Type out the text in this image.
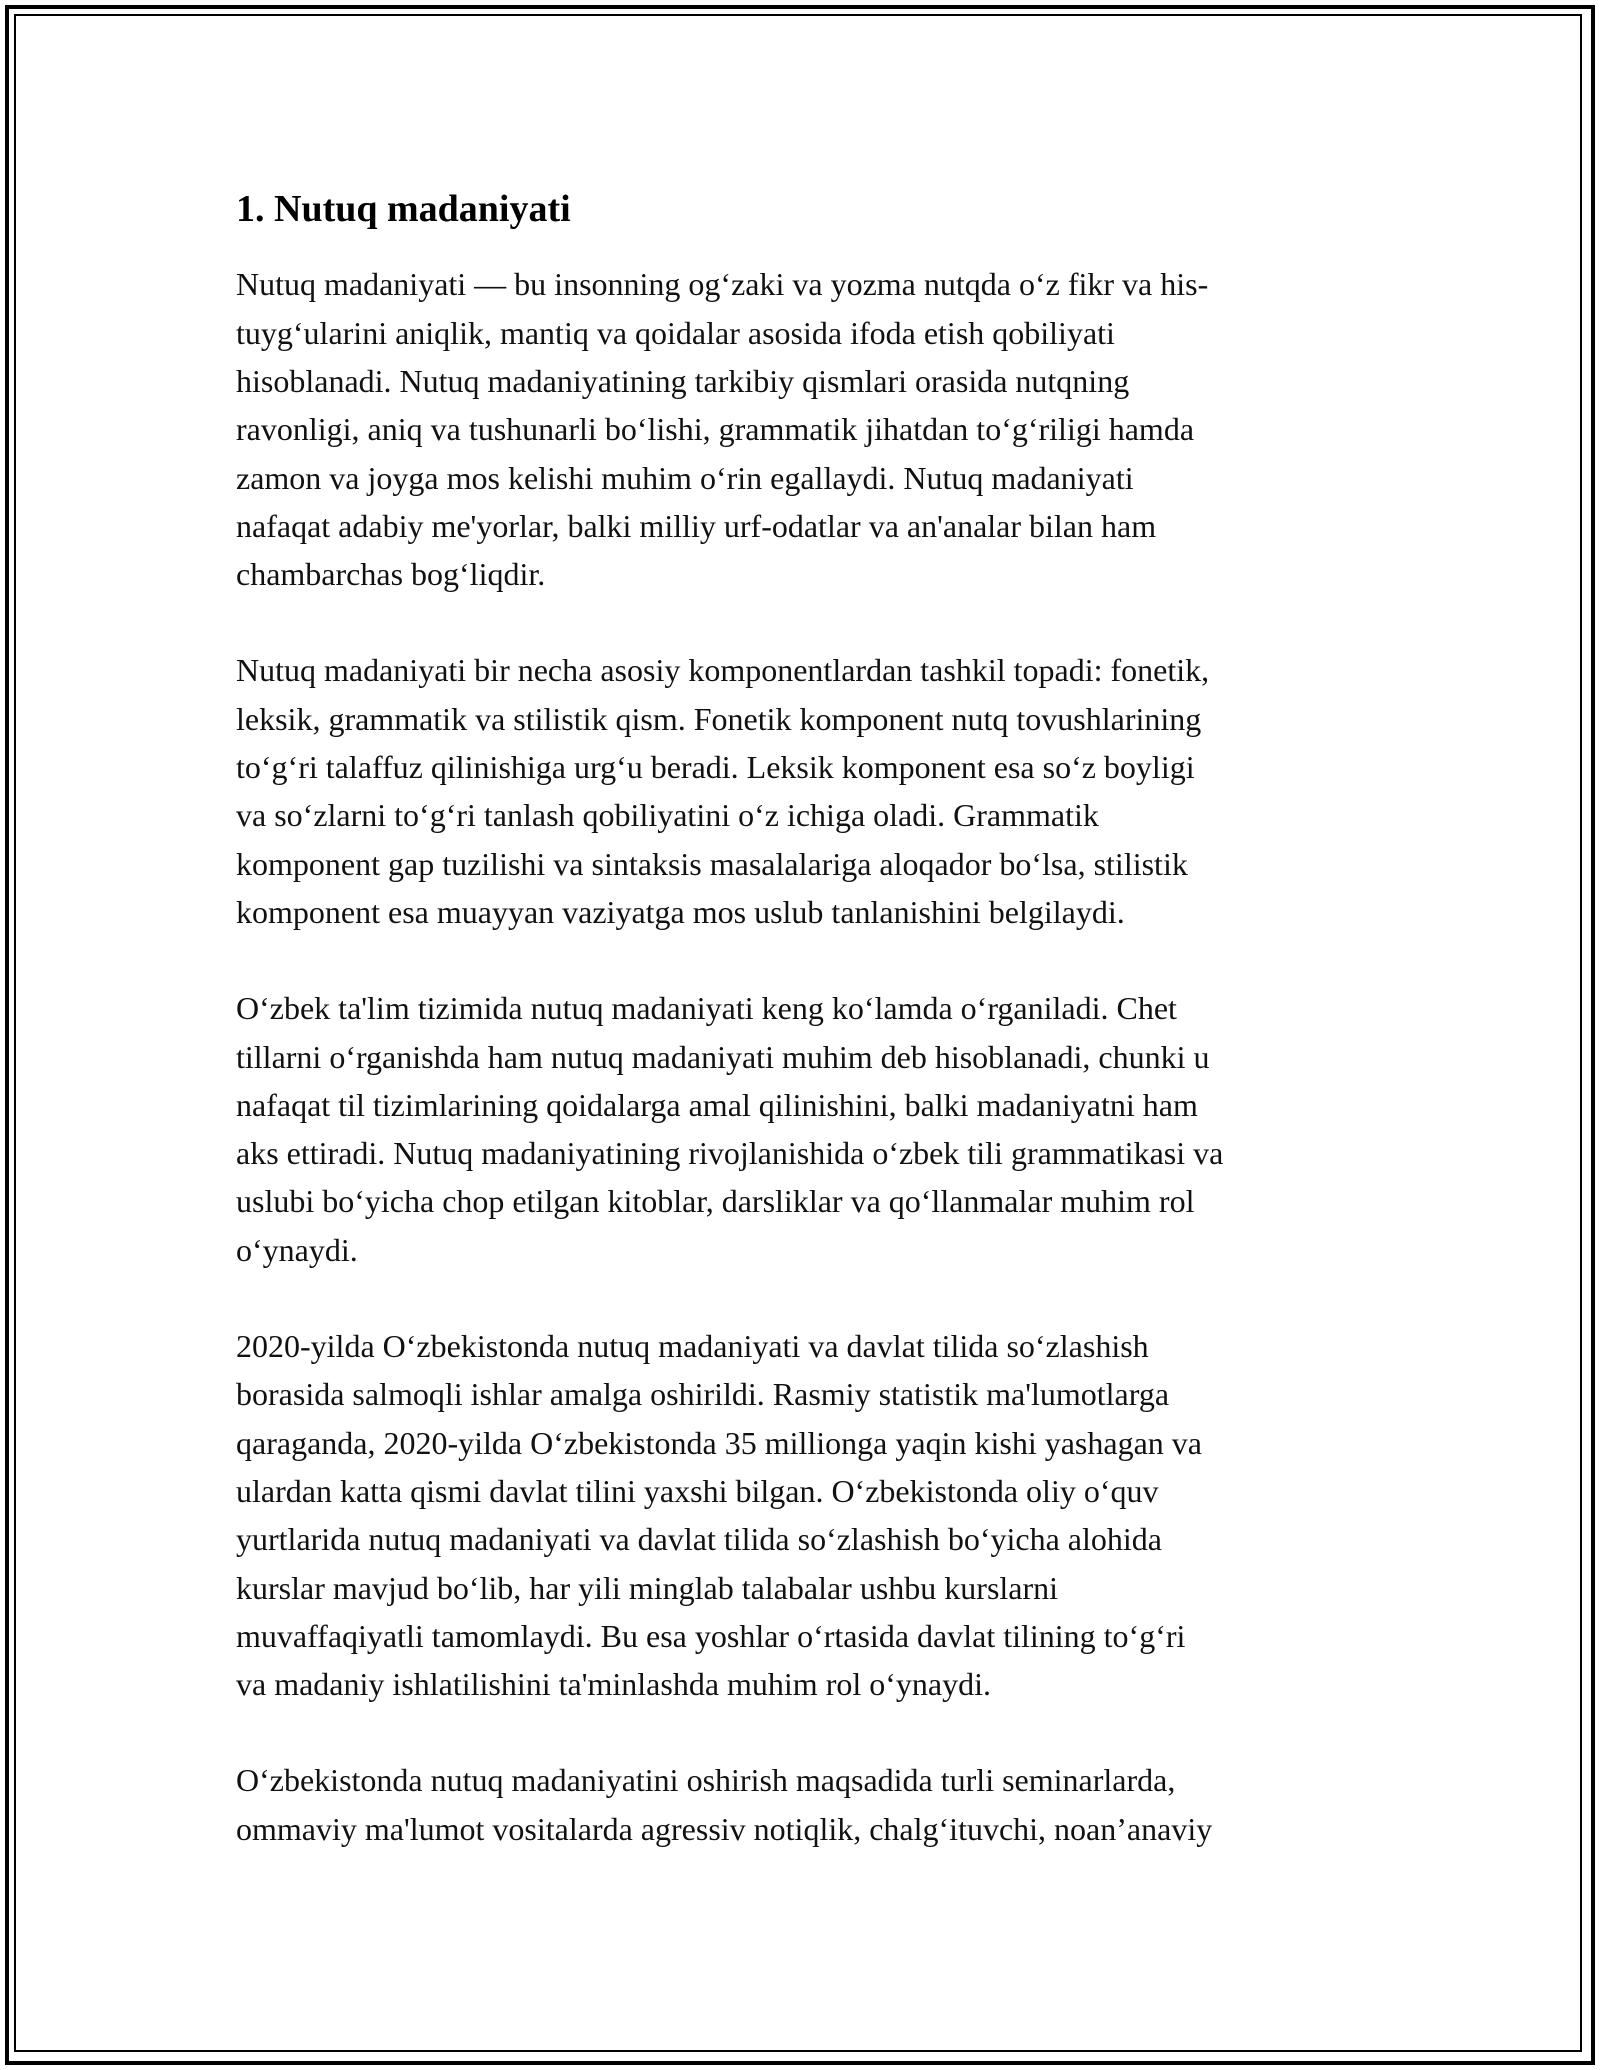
1. Nutuq madaniyati

Nutuq madaniyati — bu insonning og‘zaki va yozma nutqda o‘z fikr va his-
tuyg‘ularini aniqlik, mantiq va qoidalar asosida ifoda etish qobiliyati
hisoblanadi. Nutuq madaniyatining tarkibiy qismlari orasida nutqning
ravonligi, aniq va tushunarli bo‘lishi, grammatik jihatdan to‘g‘riligi hamda
zamon va joyga mos kelishi muhim o‘rin egallaydi. Nutuq madaniyati
nafaqat adabiy me'yorlar, balki milliy urf-odatlar va an'analar bilan ham
chambarchas bog‘liqdir.

Nutuq madaniyati bir necha asosiy komponentlardan tashkil topadi: fonetik,
leksik, grammatik va stilistik qism. Fonetik komponent nutq tovushlarining
to‘g‘ri talaffuz qilinishiga urg‘u beradi. Leksik komponent esa so‘z boyligi
va so‘zlarni to‘g‘ri tanlash qobiliyatini o‘z ichiga oladi. Grammatik
komponent gap tuzilishi va sintaksis masalalariga aloqador bo‘lsa, stilistik
komponent esa muayyan vaziyatga mos uslub tanlanishini belgilaydi.

O‘zbek ta'lim tizimida nutuq madaniyati keng ko‘lamda o‘rganiladi. Chet
tillarni o‘rganishda ham nutuq madaniyati muhim deb hisoblanadi, chunki u
nafaqat til tizimlarining qoidalarga amal qilinishini, balki madaniyatni ham
aks ettiradi. Nutuq madaniyatining rivojlanishida o‘zbek tili grammatikasi va
uslubi bo‘yicha chop etilgan kitoblar, darsliklar va qo‘llanmalar muhim rol
o‘ynaydi.

2020-yilda O‘zbekistonda nutuq madaniyati va davlat tilida so‘zlashish
borasida salmoqli ishlar amalga oshirildi. Rasmiy statistik ma'lumotlarga
qaraganda, 2020-yilda O‘zbekistonda 35 millionga yaqin kishi yashagan va
ulardan katta qismi davlat tilini yaxshi bilgan. O‘zbekistonda oliy o‘quv
yurtlarida nutuq madaniyati va davlat tilida so‘zlashish bo‘yicha alohida
kurslar mavjud bo‘lib, har yili minglab talabalar ushbu kurslarni
muvaffaqiyatli tamomlaydi. Bu esa yoshlar o‘rtasida davlat tilining to‘g‘ri
va madaniy ishlatilishini ta'minlashda muhim rol o‘ynaydi.

O‘zbekistonda nutuq madaniyatini oshirish maqsadida turli seminarlarda,
ommaviy ma'lumot vositalarda agressiv notiqlik, chalg‘ituvchi, noan’anaviy
